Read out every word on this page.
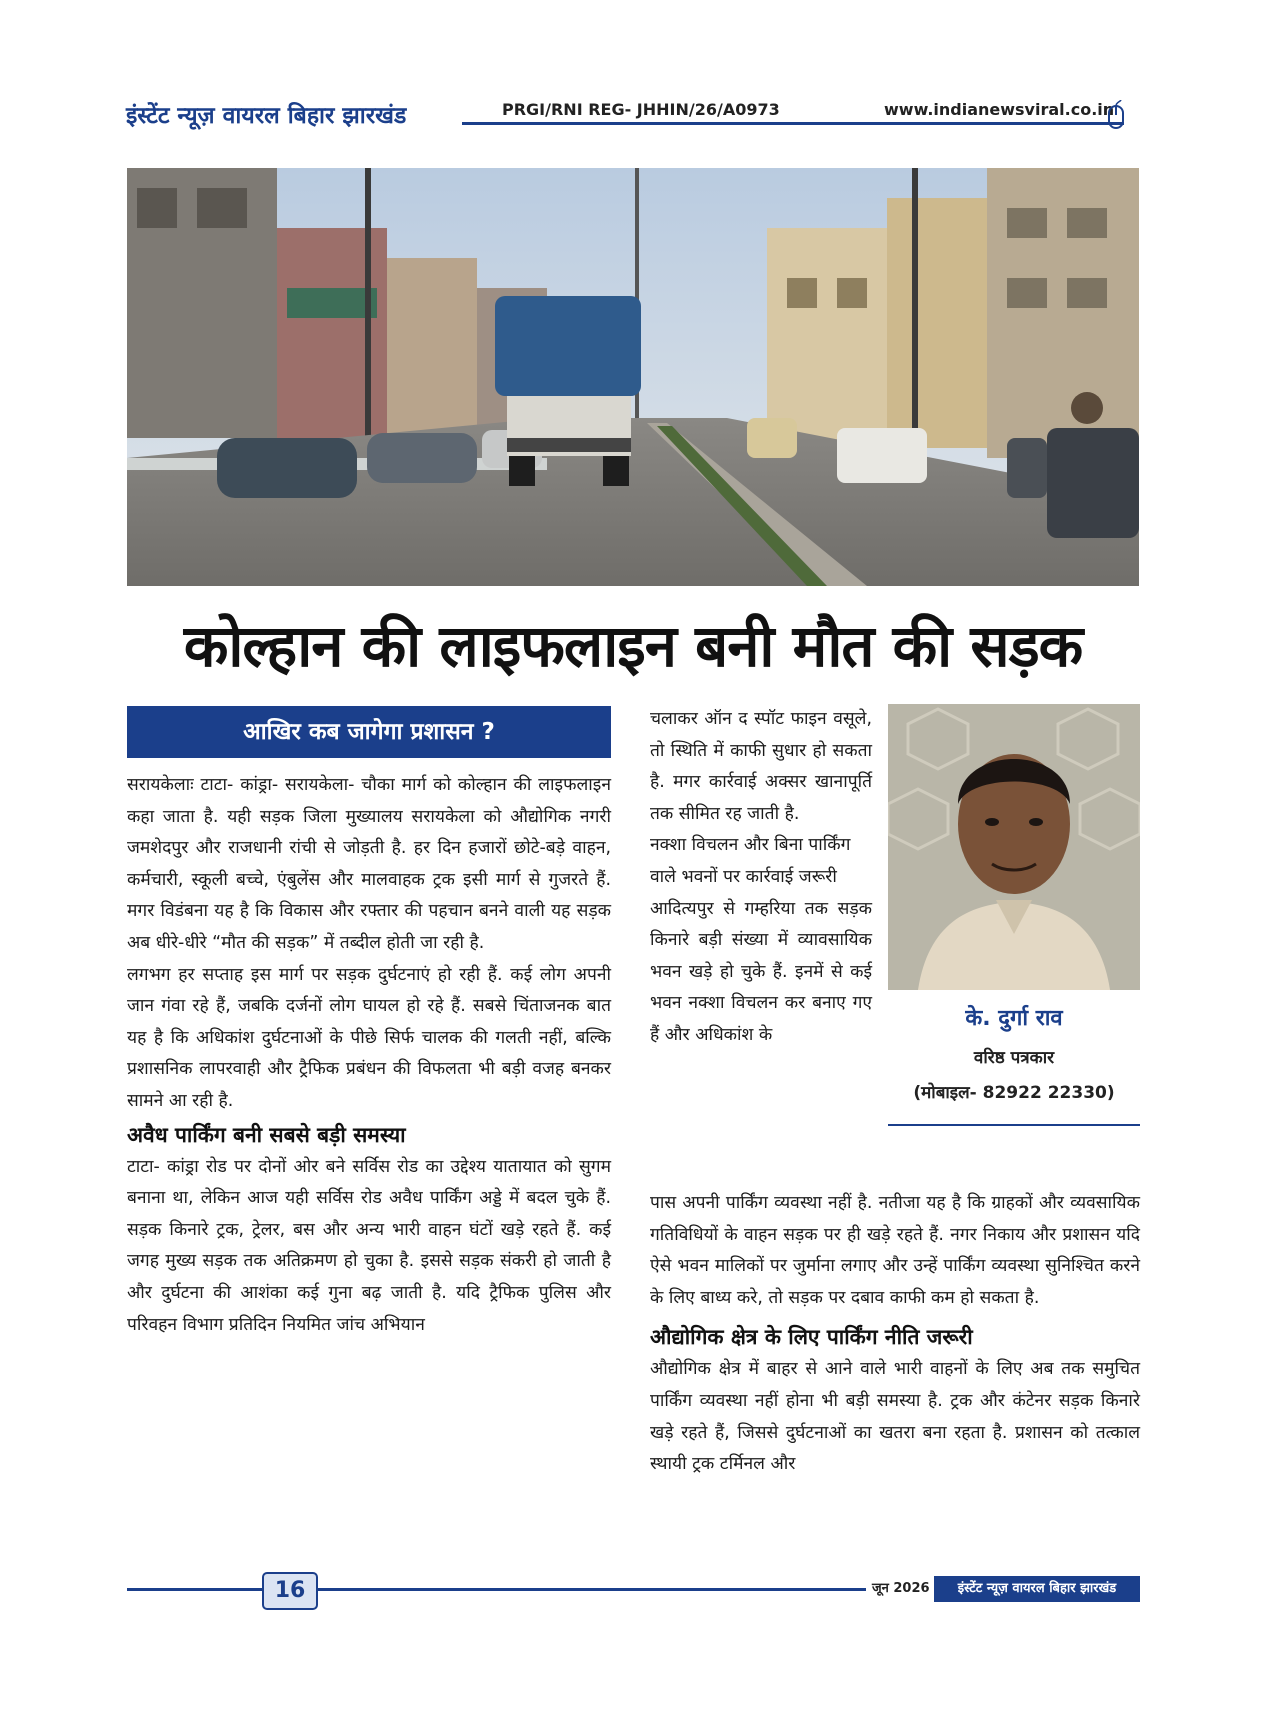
इंस्टेंट न्यूज़ वायरल बिहार झारखंड	PRGI/RNI REG- JHHIN/26/A0973	www.indianewsviral.co.in
कोल्हान की लाइफलाइन बनी मौत की सड़क
आखिर कब जागेगा प्रशासन ?

सरायकेलाः टाटा- कांड्रा- सरायकेला- चौका मार्ग को कोल्हान की लाइफलाइन कहा जाता है. यही सड़क जिला मुख्यालय सरायकेला को औद्योगिक नगरी जमशेदपुर और राजधानी रांची से जोड़ती है. हर दिन हजारों छोटे-बड़े वाहन, कर्मचारी, स्कूली बच्चे, एंबुलेंस और मालवाहक ट्रक इसी मार्ग से गुजरते हैं. मगर विडंबना यह है कि विकास और रफ्तार की पहचान बनने वाली यह सड़क अब धीरे-धीरे “मौत की सड़क” में तब्दील होती जा रही है.

लगभग हर सप्ताह इस मार्ग पर सड़क दुर्घटनाएं हो रही हैं. कई लोग अपनी जान गंवा रहे हैं, जबकि दर्जनों लोग घायल हो रहे हैं. सबसे चिंताजनक बात यह है कि अधिकांश दुर्घटनाओं के पीछे सिर्फ चालक की गलती नहीं, बल्कि प्रशासनिक लापरवाही और ट्रैफिक प्रबंधन की विफलता भी बड़ी वजह बनकर सामने आ रही है.

अवैध पार्किंग बनी सबसे बड़ी समस्या

टाटा- कांड्रा रोड पर दोनों ओर बने सर्विस रोड का उद्देश्य यातायात को सुगम बनाना था, लेकिन आज यही सर्विस रोड अवैध पार्किंग अड्डे में बदल चुके हैं. सड़क किनारे ट्रक, ट्रेलर, बस और अन्य भारी वाहन घंटों खड़े रहते हैं. कई जगह मुख्य सड़क तक अतिक्रमण हो चुका है. इससे सड़क संकरी हो जाती है और दुर्घटना की आशंका कई गुना बढ़ जाती है. यदि ट्रैफिक पुलिस और परिवहन विभाग प्रतिदिन नियमित जांच अभियान

चलाकर ऑन द स्पॉट फाइन वसूले, तो स्थिति में काफी सुधार हो सकता है. मगर कार्रवाई अक्सर खानापूर्ति तक सीमित रह जाती है.

नक्शा विचलन और बिना पार्किंग वाले भवनों पर कार्रवाई जरूरी

आदित्यपुर से गम्हरिया तक सड़क किनारे बड़ी संख्या में व्यावसायिक भवन खड़े हो चुके हैं. इनमें से कई भवन नक्शा विचलन कर बनाए गए हैं और अधिकांश के

के. दुर्गा राव
वरिष्ठ पत्रकार
(मोबाइल- 82922 22330)

पास अपनी पार्किंग व्यवस्था नहीं है. नतीजा यह है कि ग्राहकों और व्यवसायिक गतिविधियों के वाहन सड़क पर ही खड़े रहते हैं. नगर निकाय और प्रशासन यदि ऐसे भवन मालिकों पर जुर्माना लगाए और उन्हें पार्किंग व्यवस्था सुनिश्चित करने के लिए बाध्य करे, तो सड़क पर दबाव काफी कम हो सकता है.

औद्योगिक क्षेत्र के लिए पार्किंग नीति जरूरी

औद्योगिक क्षेत्र में बाहर से आने वाले भारी वाहनों के लिए अब तक समुचित पार्किंग व्यवस्था नहीं होना भी बड़ी समस्या है. ट्रक और कंटेनर सड़क किनारे खड़े रहते हैं, जिससे दुर्घटनाओं का खतरा बना रहता है. प्रशासन को तत्काल स्थायी ट्रक टर्मिनल और

16	जून 2026	इंस्टेंट न्यूज़ वायरल बिहार झारखंड
